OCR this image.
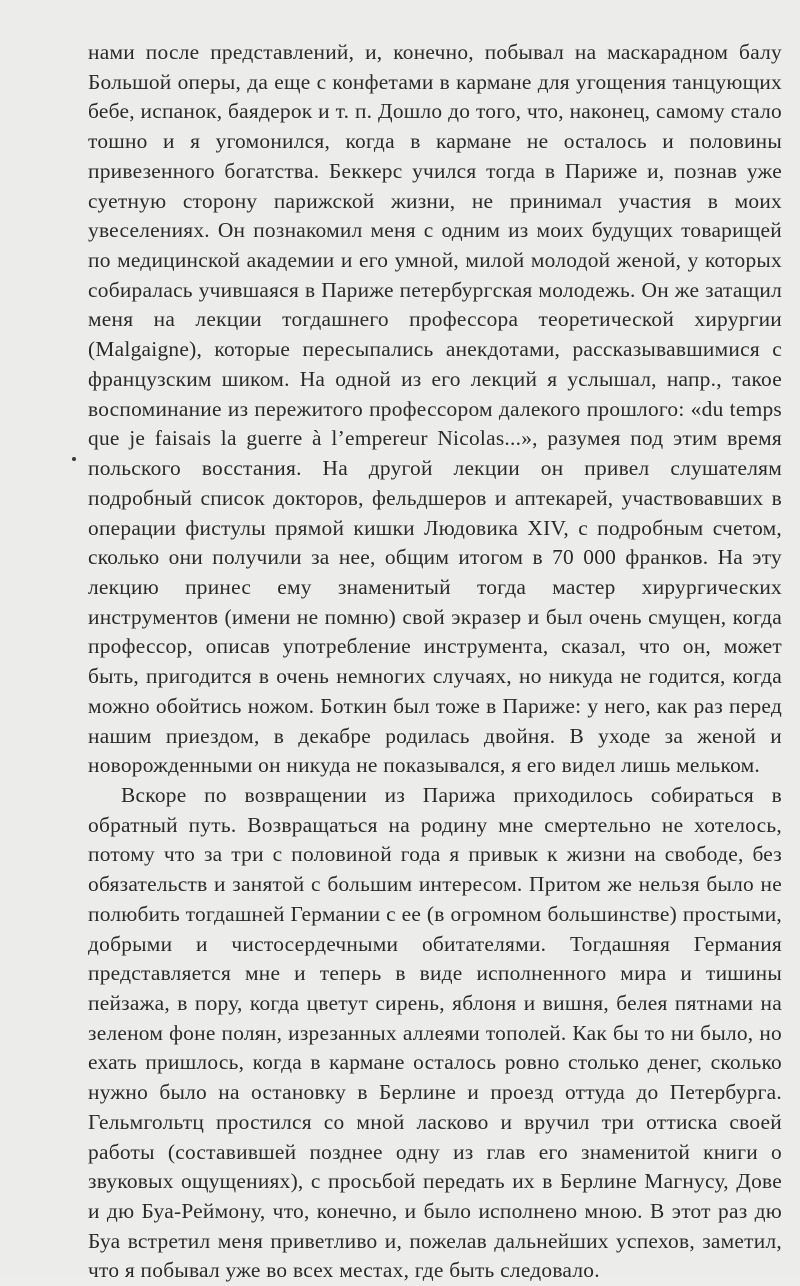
нами после представлений, и, конечно, побывал на маскарадном балу Большой оперы, да еще с конфетами в кармане для угощения танцующих бебе, испанок, баядерок и т. п. Дошло до того, что, наконец, самому стало тошно и я угомонился, когда в кармане не осталось и половины привезенного богатства. Беккерс учился тогда в Париже и, познав уже суетную сторону парижской жизни, не принимал участия в моих увеселениях. Он познакомил меня с одним из моих будущих товарищей по медицинской академии и его умной, милой молодой женой, у которых собиралась учившаяся в Париже петербургская молодежь. Он же затащил меня на лекции тогдашнего профессора теоретической хирургии (Malgaigne), которые пересыпались анекдотами, рассказывавшимися с французским шиком. На одной из его лекций я услышал, напр., такое воспоминание из пережитого профессором далекого прошлого: «du temps que je faisais la guerre à l’empereur Nicolas...», разумея под этим время польского восстания. На другой лекции он привел слушателям подробный список докторов, фельдшеров и аптекарей, участвовавших в операции фистулы прямой кишки Людовика XIV, с подробным счетом, сколько они получили за нее, общим итогом в 70 000 франков. На эту лекцию принес ему знаменитый тогда мастер хирургических инструментов (имени не помню) свой экразер и был очень смущен, когда профессор, описав употребление инструмента, сказал, что он, может быть, пригодится в очень немногих случаях, но никуда не годится, когда можно обойтись ножом. Боткин был тоже в Париже: у него, как раз перед нашим приездом, в декабре родилась двойня. В уходе за женой и новорожденными он никуда не показывался, я его видел лишь мельком.

Вскоре по возвращении из Парижа приходилось собираться в обратный путь. Возвращаться на родину мне смертельно не хотелось, потому что за три с половиной года я привык к жизни на свободе, без обязательств и занятой с большим интересом. Притом же нельзя было не полюбить тогдашней Германии с ее (в огромном большинстве) простыми, добрыми и чистосердечными обитателями. Тогдашняя Германия представляется мне и теперь в виде исполненного мира и тишины пейзажа, в пору, когда цветут сирень, яблоня и вишня, белея пятнами на зеленом фоне полян, изрезанных аллеями тополей. Как бы то ни было, но ехать пришлось, когда в кармане осталось ровно столько денег, сколько нужно было на остановку в Берлине и проезд оттуда до Петербурга. Гельмгольтц простился со мной ласково и вручил три оттиска своей работы (составившей позднее одну из глав его знаменитой книги о звуковых ощущениях), с просьбой передать их в Берлине Магнусу, Дове и дю Буа-Реймону, что, конечно, и было исполнено мною. В этот раз дю Буа встретил меня приветливо и, пожелав дальнейших успехов, заметил, что я побывал уже во всех местах, где быть следовало.
